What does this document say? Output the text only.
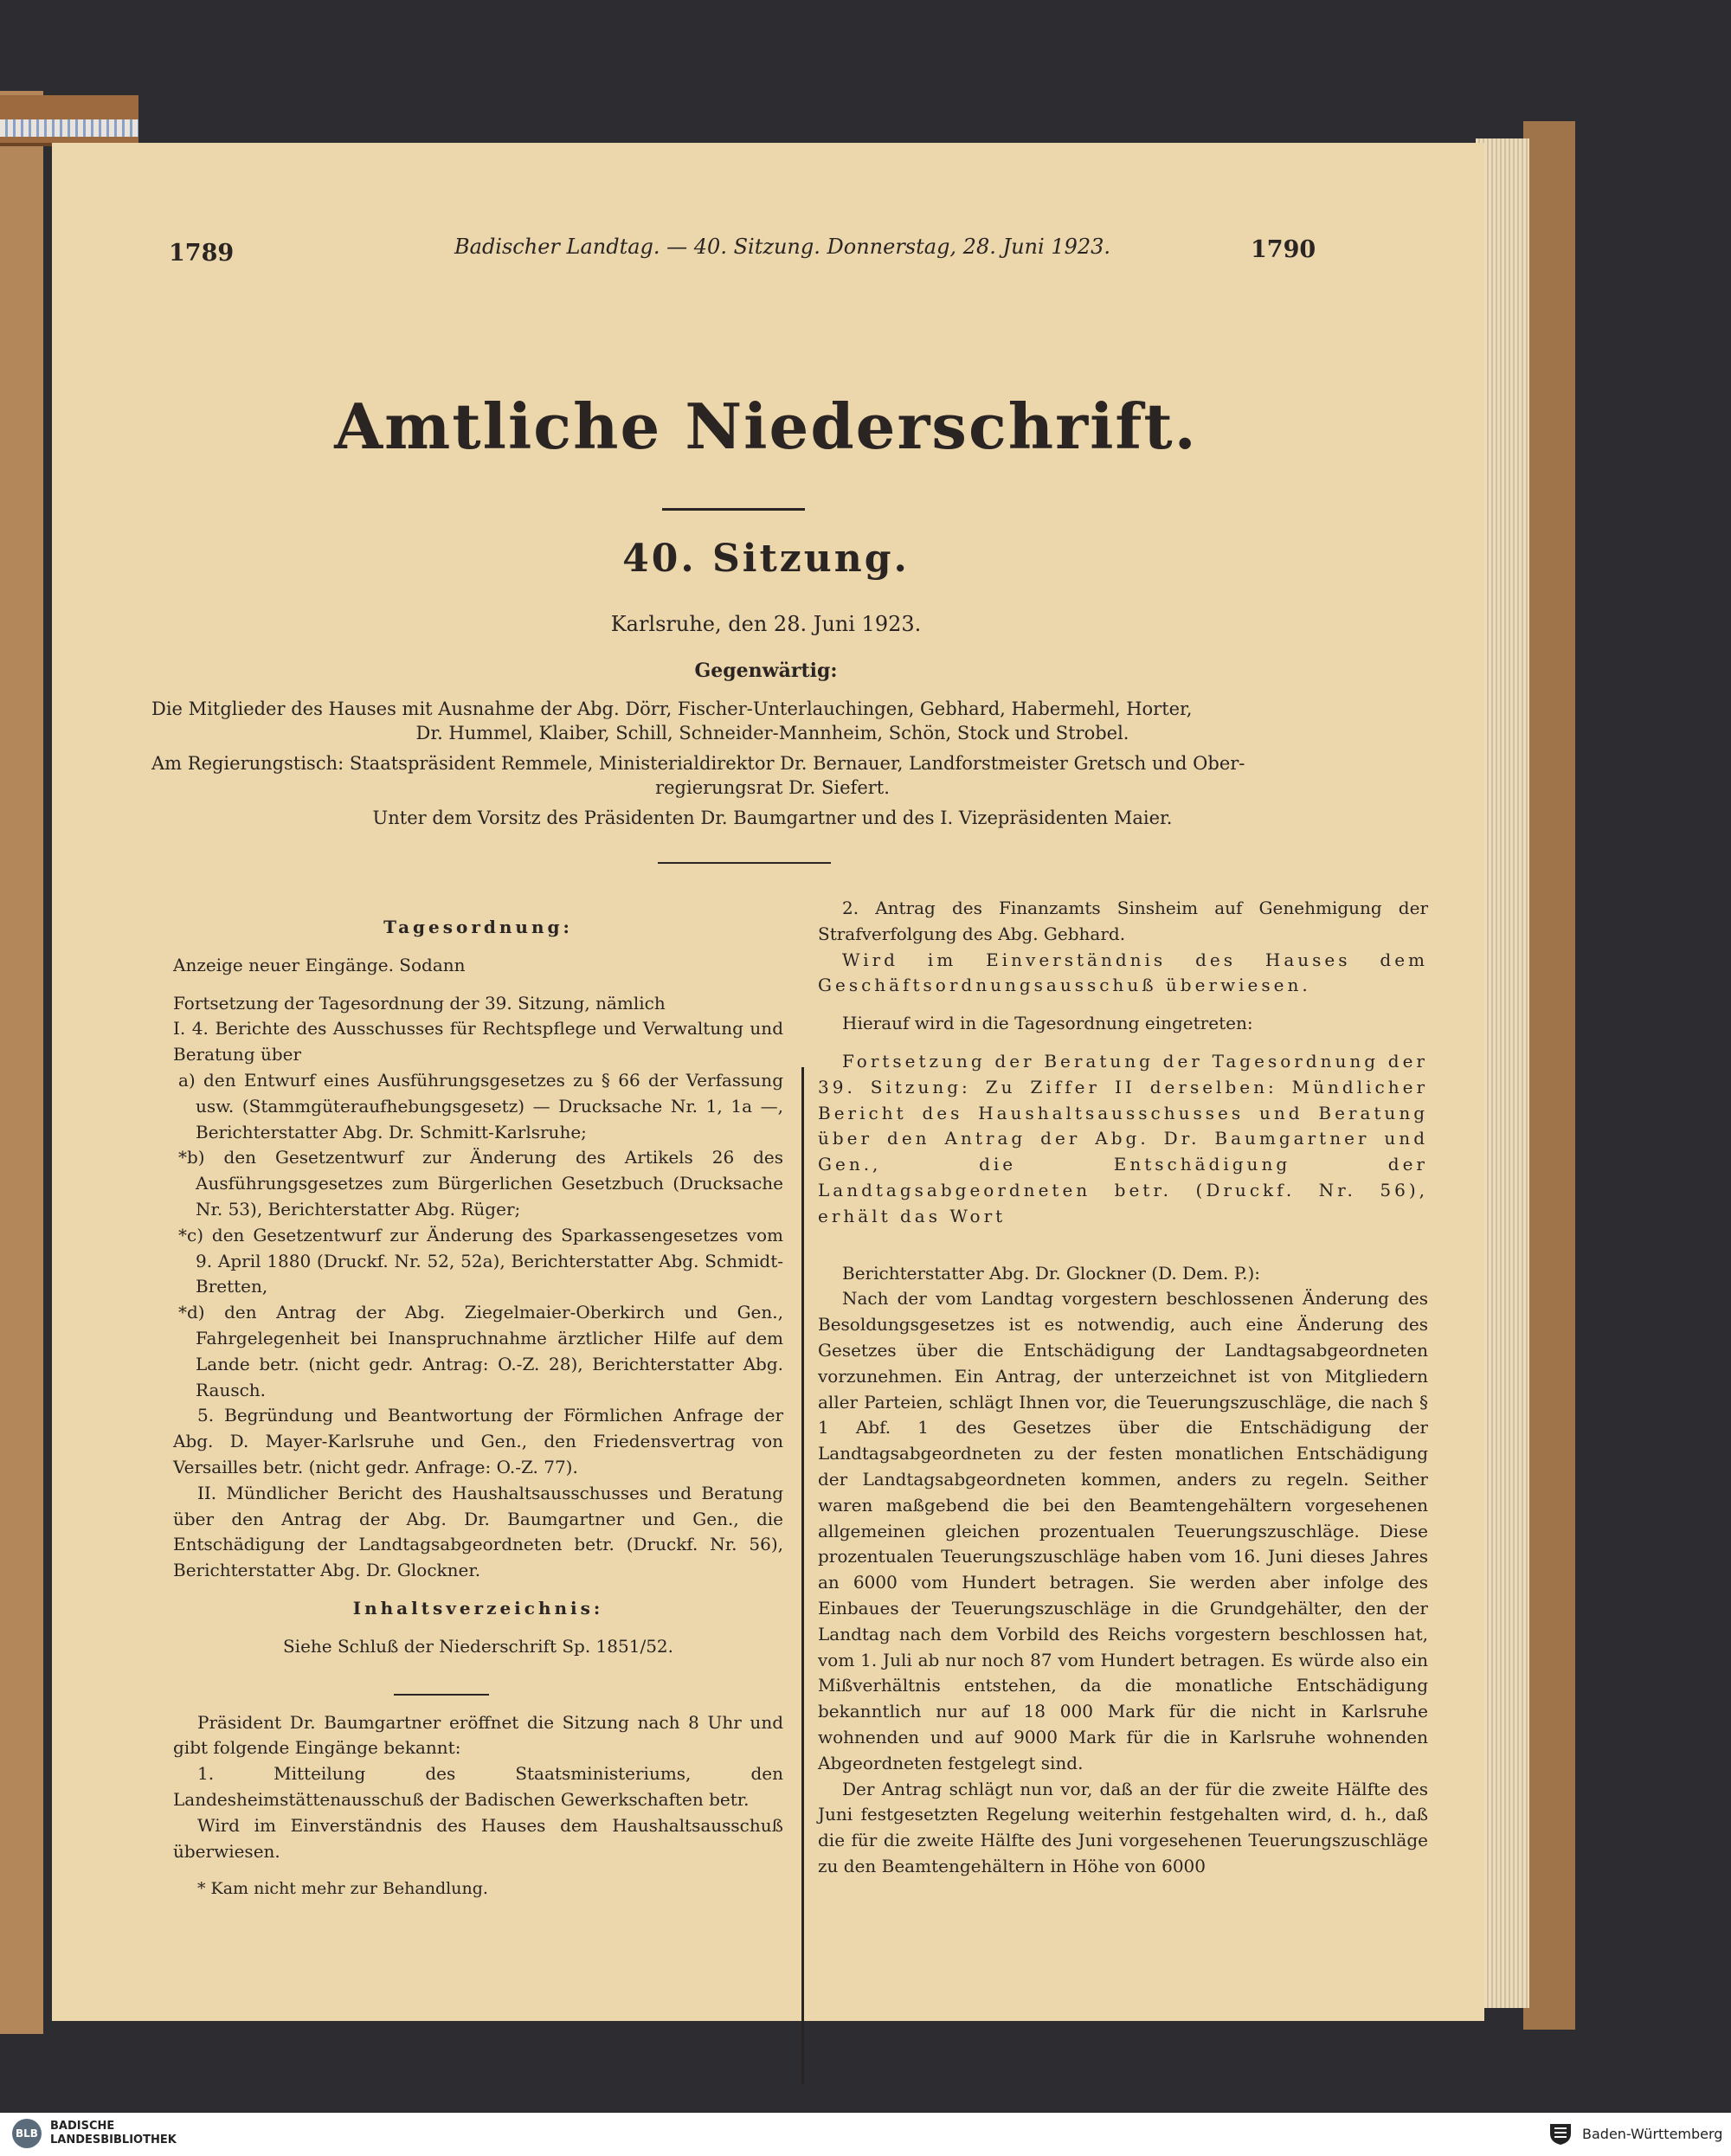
1789	Badischer Landtag. — 40. Sitzung. Donnerstag, 28. Juni 1923.	1790
Amtliche Niederschrift.
40. Sitzung.
Karlsruhe, den 28. Juni 1923.
Gegenwärtig:
Die Mitglieder des Hauses mit Ausnahme der Abg. Dörr, Fischer-Unterlauchingen, Gebhard, Habermehl, Horter,
Dr. Hummel, Klaiber, Schill, Schneider-Mannheim, Schön, Stock und Strobel.
Am Regierungstisch: Staatspräsident Remmele, Ministerialdirektor Dr. Bernauer, Landforstmeister Gretsch und Ober-
regierungsrat Dr. Siefert.
Unter dem Vorsitz des Präsidenten Dr. Baumgartner und des I. Vizepräsidenten Maier.

Tagesordnung:

Anzeige neuer Eingänge. Sodann

Fortsetzung der Tagesordnung der 39. Sitzung, nämlich

I. 4. Berichte des Ausschusses für Rechtspflege und Verwaltung und Beratung über

a) den Entwurf eines Ausführungsgesetzes zu § 66 der Verfassung usw. (Stammgüteraufhebungsgesetz) — Drucksache Nr. 1, 1a —, Berichterstatter Abg. Dr. Schmitt-Karlsruhe;

*b) den Gesetzentwurf zur Änderung des Artikels 26 des Ausführungsgesetzes zum Bürgerlichen Gesetzbuch (Drucksache Nr. 53), Berichterstatter Abg. Rüger;

*c) den Gesetzentwurf zur Änderung des Sparkassengesetzes vom 9. April 1880 (Druckf. Nr. 52, 52a), Berichterstatter Abg. Schmidt-Bretten,

*d) den Antrag der Abg. Ziegelmaier-Oberkirch und Gen., Fahrgelegenheit bei Inanspruchnahme ärztlicher Hilfe auf dem Lande betr. (nicht gedr. Antrag: O.-Z. 28), Berichterstatter Abg. Rausch.

5. Begründung und Beantwortung der Förmlichen Anfrage der Abg. D. Mayer-Karlsruhe und Gen., den Friedensvertrag von Versailles betr. (nicht gedr. Anfrage: O.-Z. 77).

II. Mündlicher Bericht des Haushaltsausschusses und Beratung über den Antrag der Abg. Dr. Baumgartner und Gen., die Entschädigung der Landtagsabgeordneten betr. (Druckf. Nr. 56), Berichterstatter Abg. Dr. Glockner.

Inhaltsverzeichnis:

Siehe Schluß der Niederschrift Sp. 1851/52.

Präsident Dr. Baumgartner eröffnet die Sitzung nach 8 Uhr und gibt folgende Eingänge bekannt:

1. Mitteilung des Staatsministeriums, den Landesheimstättenausschuß der Badischen Gewerkschaften betr.

Wird im Einverständnis des Hauses dem Haushaltsausschuß überwiesen.

* Kam nicht mehr zur Behandlung.

2. Antrag des Finanzamts Sinsheim auf Genehmigung der Strafverfolgung des Abg. Gebhard.

Wird im Einverständnis des Hauses dem Geschäftsordnungsausschuß überwiesen.

Hierauf wird in die Tagesordnung eingetreten:

Fortsetzung der Beratung der Tagesordnung der 39. Sitzung: Zu Ziffer II derselben: Mündlicher Bericht des Haushaltsausschusses und Beratung über den Antrag der Abg. Dr. Baumgartner und Gen., die Entschädigung der Landtagsabgeordneten betr. (Druckf. Nr. 56), erhält das Wort

Berichterstatter Abg. Dr. Glockner (D. Dem. P.):

Nach der vom Landtag vorgestern beschlossenen Änderung des Besoldungsgesetzes ist es notwendig, auch eine Änderung des Gesetzes über die Entschädigung der Landtagsabgeordneten vorzunehmen. Ein Antrag, der unterzeichnet ist von Mitgliedern aller Parteien, schlägt Ihnen vor, die Teuerungszuschläge, die nach § 1 Abf. 1 des Gesetzes über die Entschädigung der Landtagsabgeordneten zu der festen monatlichen Entschädigung der Landtagsabgeordneten kommen, anders zu regeln. Seither waren maßgebend die bei den Beamtengehältern vorgesehenen allgemeinen gleichen prozentualen Teuerungszuschläge. Diese prozentualen Teuerungszuschläge haben vom 16. Juni dieses Jahres an 6000 vom Hundert betragen. Sie werden aber infolge des Einbaues der Teuerungszuschläge in die Grundgehälter, den der Landtag nach dem Vorbild des Reichs vorgestern beschlossen hat, vom 1. Juli ab nur noch 87 vom Hundert betragen. Es würde also ein Mißverhältnis entstehen, da die monatliche Entschädigung bekanntlich nur auf 18 000 Mark für die nicht in Karlsruhe wohnenden und auf 9000 Mark für die in Karlsruhe wohnenden Abgeordneten festgelegt sind.

Der Antrag schlägt nun vor, daß an der für die zweite Hälfte des Juni festgesetzten Regelung weiterhin festgehalten wird, d. h., daß die für die zweite Hälfte des Juni vorgesehenen Teuerungszuschläge zu den Beamtengehältern in Höhe von 6000

BLB
BADISCHE
LANDESBIBLIOTHEK	Baden-Württemberg
